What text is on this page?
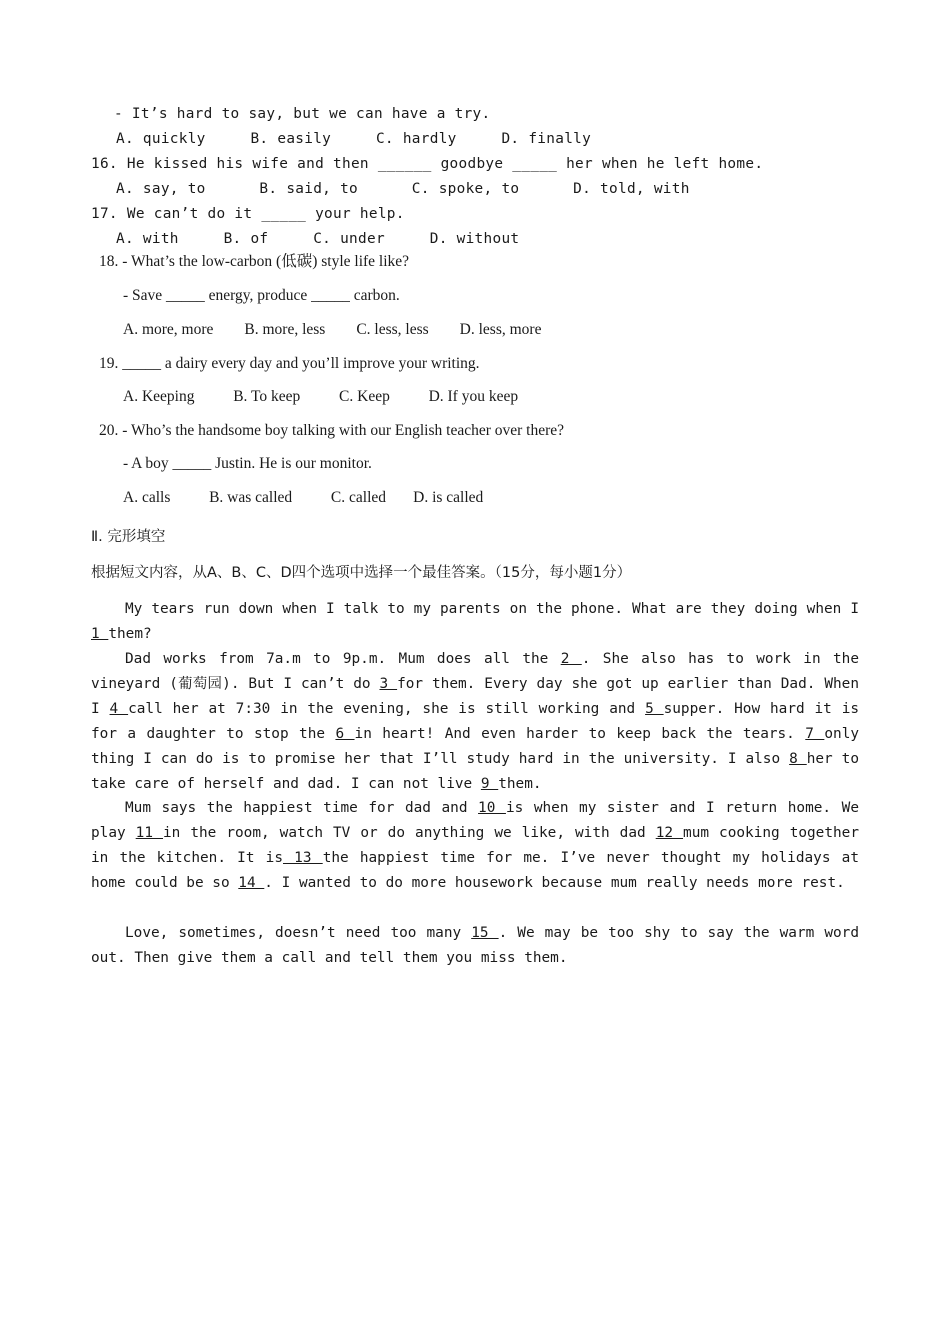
- It’s hard to say, but we can have a try.
A. quickly     B. easily     C. hardly     D. finally
16. He kissed his wife and then ______ goodbye _____ her when he left home.
A. say, to      B. said, to      C. spoke, to      D. told, with
17. We can’t do it _____ your help.
A. with     B. of     C. under     D. without
18. - What’s the low-carbon (低碳) style life like?
- Save _____ energy, produce _____ carbon.
A. more, more        B. more, less        C. less, less        D. less, more
19. _____ a dairy every day and you’ll improve your writing.
A. Keeping          B. To keep          C. Keep          D. If you keep
20. - Who’s the handsome boy talking with our English teacher over there?
- A boy _____ Justin. He is our monitor.
A. calls          B. was called          C. called       D. is called
Ⅱ. 完形填空
根据短文内容，从A、B、C、D四个选项中选择一个最佳答案。（15分，每小题1分）
My tears run down when I talk to my parents on the phone. What are they doing when I 1 them?
Dad works from 7a.m to 9p.m. Mum does all the 2 . She also has to work in the vineyard (葡萄园). But I can’t do 3 for them. Every day she got up earlier than Dad. When I 4 call her at 7:30 in the evening, she is still working and 5 supper. How hard it is for a daughter to stop the 6 in heart! And even harder to keep back the tears. 7 only thing I can do is to promise her that I’ll study hard in the university. I also 8 her to take care of herself and dad. I can not live 9 them.
Mum says the happiest time for dad and 10 is when my sister and I return home. We play 11 in the room, watch TV or do anything we like, with dad 12 mum cooking together in the kitchen. It is 13 the happiest time for me. I’ve never thought my holidays at home could be so 14 . I wanted to do more housework because mum really needs more rest.
Love, sometimes, doesn’t need too many 15 . We may be too shy to say the warm word out. Then give them a call and tell them you miss them.
